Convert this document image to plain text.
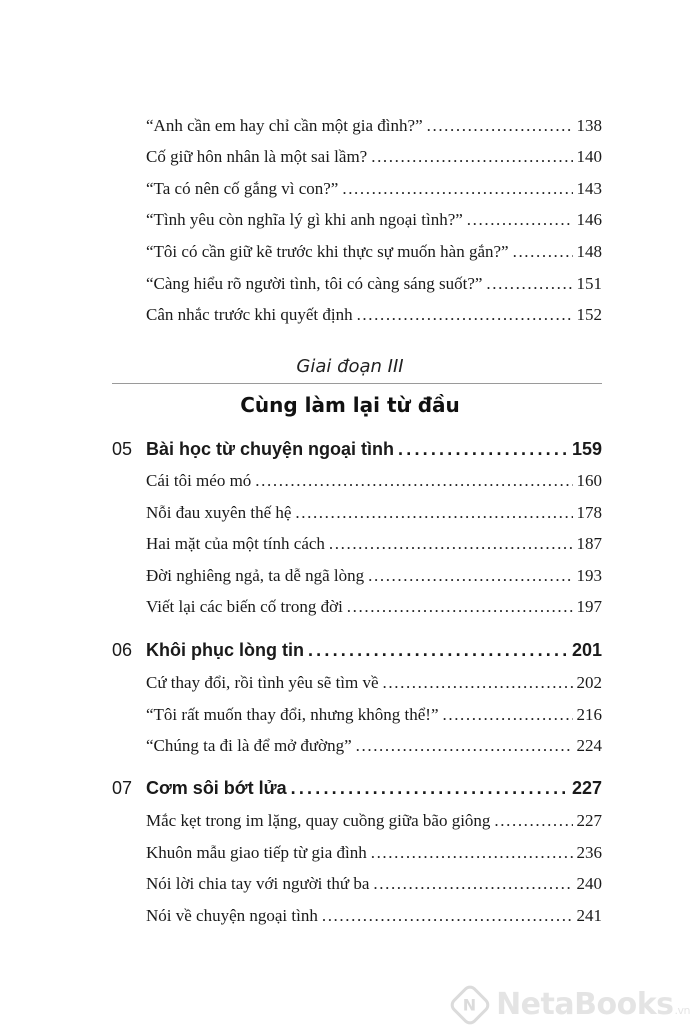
“Anh cần em hay chỉ cần một gia đình?” .....	138
Cố giữ hôn nhân là một sai lầm? .....	140
“Ta có nên cố gắng vì con?” .....	143
“Tình yêu còn nghĩa lý gì khi anh ngoại tình?” .....	146
“Tôi có cần giữ kẽ trước khi thực sự muốn hàn gắn?” .....	148
“Càng hiểu rõ người tình, tôi có càng sáng suốt?” .....	151
Cân nhắc trước khi quyết định .....	152
Giai đoạn III
Cùng làm lại từ đầu
05 Bài học từ chuyện ngoại tình .....	159
Cái tôi méo mó .....	160
Nỗi đau xuyên thế hệ .....	178
Hai mặt của một tính cách .....	187
Đời nghiêng ngả, ta dễ ngã lòng .....	193
Viết lại các biến cố trong đời .....	197
06 Khôi phục lòng tin .....	201
Cứ thay đổi, rồi tình yêu sẽ tìm về .....	202
“Tôi rất muốn thay đổi, nhưng không thể!” .....	216
“Chúng ta đi là để mở đường” .....	224
07 Cơm sôi bớt lửa .....	227
Mắc kẹt trong im lặng, quay cuồng giữa bão giông .....	227
Khuôn mẫu giao tiếp từ gia đình .....	236
Nói lời chia tay với người thứ ba .....	240
Nói về chuyện ngoại tình .....	241
N NetaBooks.vn
